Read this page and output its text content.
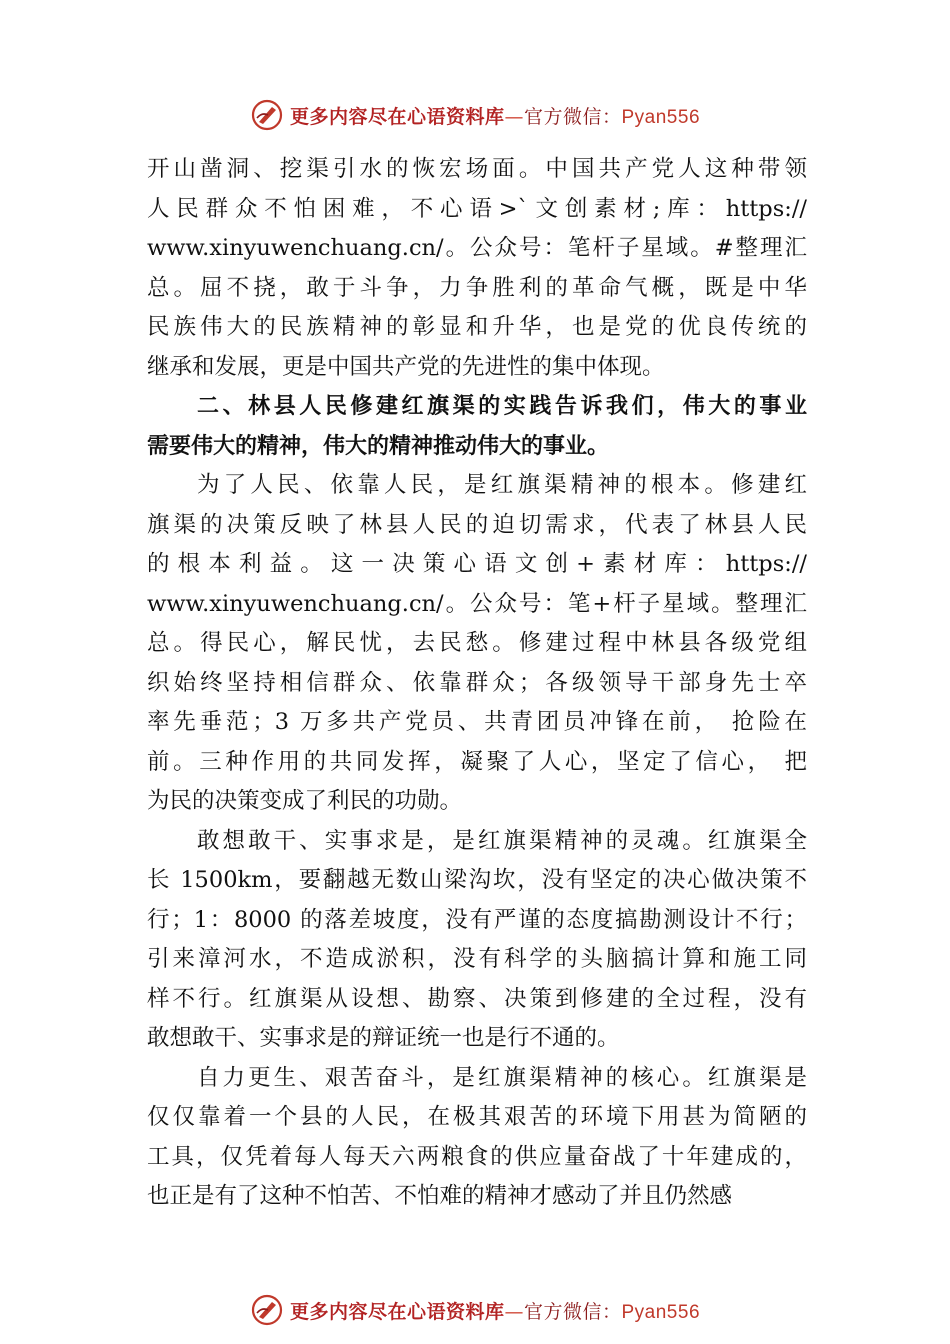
更多内容尽在心语资料库—官方微信：Pyan556
开山凿洞、挖渠引水的恢宏场面。中国共产党人这种带领
人民群众不怕困难，不心语>`文创素材;库：https://
www.xinyuwenchuang.cn/。公众号：笔杆子星域。#整理汇
总。屈不挠，敢于斗争，力争胜利的革命气概，既是中华
民族伟大的民族精神的彰显和升华，也是党的优良传统的
继承和发展，更是中国共产党的先进性的集中体现。
二、林县人民修建红旗渠的实践告诉我们，伟大的事业
需要伟大的精神，伟大的精神推动伟大的事业。
为了人民、依靠人民，是红旗渠精神的根本。修建红
旗渠的决策反映了林县人民的迫切需求，代表了林县人民
的根本利益。这一决策心语文创+素材库：https://
www.xinyuwenchuang.cn/。公众号：笔+杆子星域。整理汇
总。得民心，解民忧，去民愁。修建过程中林县各级党组
织始终坚持相信群众、依靠群众；各级领导干部身先士卒
率先垂范；3 万多共产党员、共青团员冲锋在前， 抢险在
前。三种作用的共同发挥，凝聚了人心，坚定了信心， 把
为民的决策变成了利民的功勋。
敢想敢干、实事求是，是红旗渠精神的灵魂。红旗渠全
长 1500km，要翻越无数山梁沟坎，没有坚定的决心做决策不
行；1：8000 的落差坡度，没有严谨的态度搞勘测设计不行；
引来漳河水，不造成淤积，没有科学的头脑搞计算和施工同
样不行。红旗渠从设想、勘察、决策到修建的全过程，没有
敢想敢干、实事求是的辩证统一也是行不通的。
自力更生、艰苦奋斗，是红旗渠精神的核心。红旗渠是
仅仅靠着一个县的人民，在极其艰苦的环境下用甚为简陋的
工具，仅凭着每人每天六两粮食的供应量奋战了十年建成的，
也正是有了这种不怕苦、不怕难的精神才感动了并且仍然感
更多内容尽在心语资料库—官方微信：Pyan556
